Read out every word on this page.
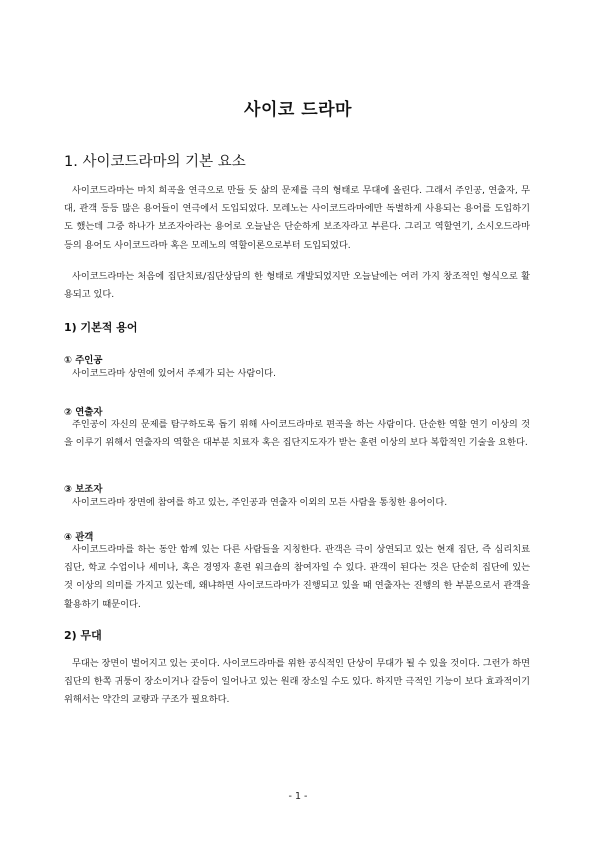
사이코 드라마
1. 사이코드라마의 기본 요소

사이코드라마는 마치 희곡을 연극으로 만들 듯 삶의 문제를 극의 형태로 무대에 올린다. 그래서 주인공, 연출자, 무대, 관객 등등 많은 용어들이 연극에서 도입되었다. 모레노는 사이코드라마에만 독별하게 사용되는 용어를 도입하기도 했는데 그중 하나가 보조자아라는 용어로 오늘날은 단순하게 보조자라고 부른다. 그리고 역할연기, 소시오드라마 등의 용어도 사이코드라마 혹은 모레노의 역할이론으로부터 도입되었다.

사이코드라마는 처음에 집단치료/집단상담의 한 형태로 개발되었지만 오늘날에는 여러 가지 창조적인 형식으로 활용되고 있다.

1) 기본적 용어
① 주인공

사이코드라마 상연에 있어서 주제가 되는 사람이다.

② 연출자

주인공이 자신의 문제를 탐구하도록 돕기 위해 사이코드라마로 편곡을 하는 사람이다. 단순한 역할 연기 이상의 것을 이루기 위해서 연출자의 역할은 대부분 치료자 혹은 집단지도자가 받는 훈련 이상의 보다 복합적인 기술을 요한다.

③ 보조자

사이코드라마 장면에 참여를 하고 있는, 주인공과 연출자 이외의 모든 사람을 통칭한 용어이다.

④ 관객

사이코드라마를 하는 동안 함께 있는 다른 사람들을 지칭한다. 관객은 극이 상연되고 있는 현재 집단, 즉 심리치료 집단, 학교 수업이나 세미나, 혹은 경영자 훈련 워크숍의 참여자일 수 있다. 관객이 된다는 것은 단순히 집단에 있는 것 이상의 의미를 가지고 있는데, 왜냐하면 사이코드라마가 진행되고 있을 때 연출자는 진행의 한 부분으로서 관객을 활용하기 때문이다.

2) 무대

무대는 장면이 벌어지고 있는 곳이다. 사이코드라마를 위한 공식적인 단상이 무대가 될 수 있을 것이다. 그런가 하면 집단의 한쪽 귀퉁이 장소이거나 갈등이 일어나고 있는 원래 장소일 수도 있다. 하지만 극적인 기능이 보다 효과적이기 위해서는 약간의 교량과 구조가 필요하다.

- 1 -
